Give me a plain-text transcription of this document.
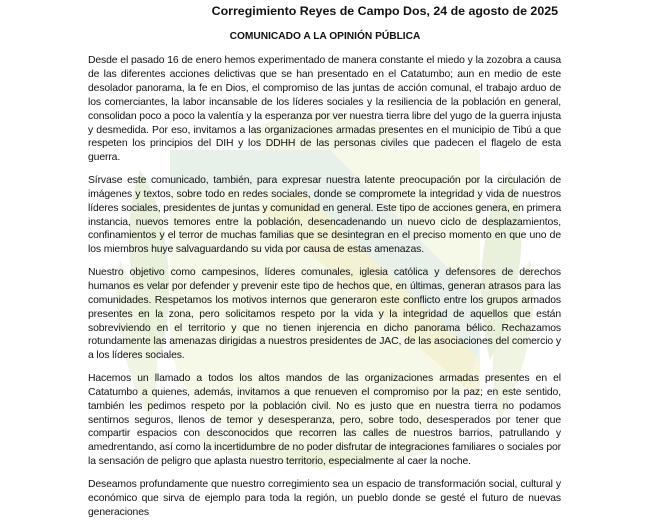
Corregimiento Reyes de Campo Dos, 24 de agosto de 2025

COMUNICADO A LA OPINIÓN PÚBLICA

Desde el pasado 16 de enero hemos experimentado de manera constante el miedo y la zozobra a causa de las diferentes acciones delictivas que se han presentado en el Catatumbo; aun en medio de este desolador panorama, la fe en Dios, el compromiso de las juntas de acción comunal, el trabajo arduo de los comerciantes, la labor incansable de los líderes sociales y la resiliencia de la población en general, consolidan poco a poco la valentía y la esperanza por ver nuestra tierra libre del yugo de la guerra injusta y desmedida. Por eso, invitamos a las organizaciones armadas presentes en el municipio de Tibú a que respeten los principios del DIH y los DDHH de las personas civiles que padecen el flagelo de esta guerra.

Sírvase este comunicado, también, para expresar nuestra latente preocupación por la circulación de imágenes y textos, sobre todo en redes sociales, donde se compromete la integridad y vida de nuestros líderes sociales, presidentes de juntas y comunidad en general. Este tipo de acciones genera, en primera instancia, nuevos temores entre la población, desencadenando un nuevo ciclo de desplazamientos, confinamientos y el terror de muchas familias que se desintegran en el preciso momento en que uno de los miembros huye salvaguardando su vida por causa de estas amenazas.

Nuestro objetivo como campesinos, líderes comunales, iglesia católica y defensores de derechos humanos es velar por defender y prevenir este tipo de hechos que, en últimas, generan atrasos para las comunidades. Respetamos los motivos internos que generaron este conflicto entre los grupos armados presentes en la zona, pero solicitamos respeto por la vida y la integridad de aquellos que están sobreviviendo en el territorio y que no tienen injerencia en dicho panorama bélico. Rechazamos rotundamente las amenazas dirigidas a nuestros presidentes de JAC, de las asociaciones del comercio y a los líderes sociales.

Hacemos un llamado a todos los altos mandos de las organizaciones armadas presentes en el Catatumbo a quienes, además, invitamos a que renueven el compromiso por la paz; en este sentido, también les pedimos respeto por la población civil. No es justo que en nuestra tierra no podamos sentirnos seguros, llenos de temor y desesperanza, pero, sobre todo, desesperados por tener que compartir espacios con desconocidos que recorren las calles de nuestros barrios, patrullando y amedrentando, así como la incertidumbre de no poder disfrutar de integraciones familiares o sociales por la sensación de peligro que aplasta nuestro territorio, especialmente al caer la noche.

Deseamos profundamente que nuestro corregimiento sea un espacio de transformación social, cultural y económico que sirva de ejemplo para toda la región, un pueblo donde se gesté el futuro de nuevas generaciones
